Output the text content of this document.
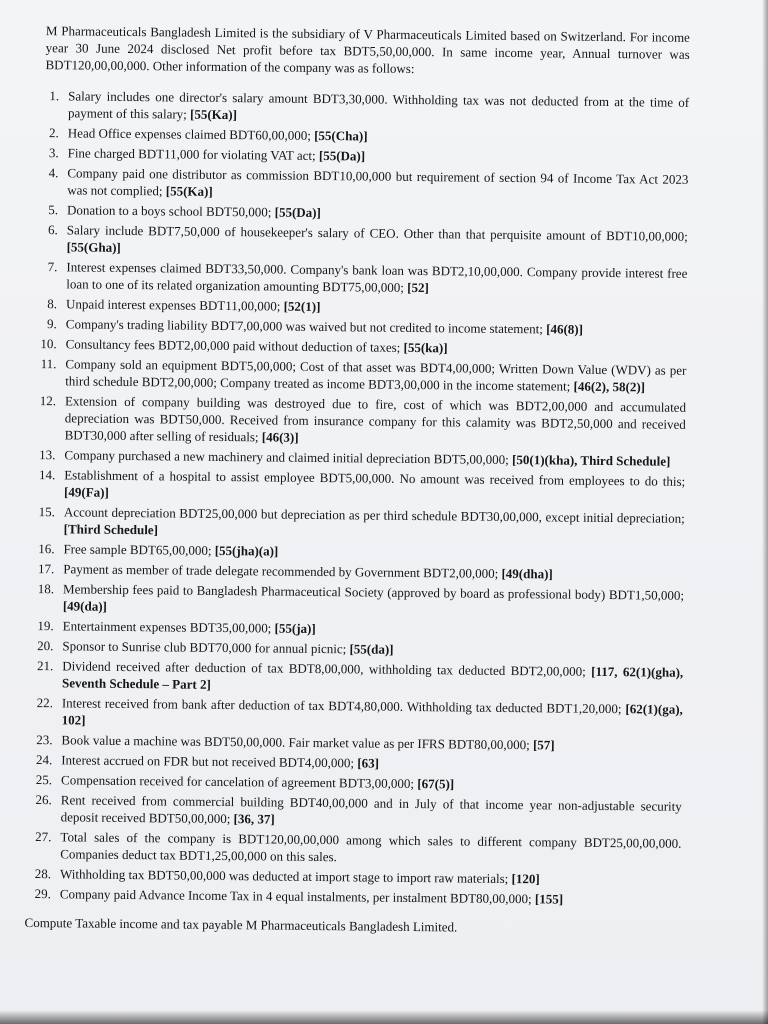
M Pharmaceuticals Bangladesh Limited is the subsidiary of V Pharmaceuticals Limited based on Switzerland. For income year 30 June 2024 disclosed Net profit before tax BDT5,50,00,000. In same income year, Annual turnover was BDT120,00,00,000. Other information of the company was as follows:

1. Salary includes one director's salary amount BDT3,30,000. Withholding tax was not deducted from at the time of payment of this salary; [55(Ka)]
2. Head Office expenses claimed BDT60,00,000; [55(Cha)]
3. Fine charged BDT11,000 for violating VAT act; [55(Da)]
4. Company paid one distributor as commission BDT10,00,000 but requirement of section 94 of Income Tax Act 2023 was not complied; [55(Ka)]
5. Donation to a boys school BDT50,000; [55(Da)]
6. Salary include BDT7,50,000 of housekeeper's salary of CEO. Other than that perquisite amount of BDT10,00,000; [55(Gha)]
7. Interest expenses claimed BDT33,50,000. Company's bank loan was BDT2,10,00,000. Company provide interest free loan to one of its related organization amounting BDT75,00,000; [52]
8. Unpaid interest expenses BDT11,00,000; [52(1)]
9. Company's trading liability BDT7,00,000 was waived but not credited to income statement; [46(8)]
10. Consultancy fees BDT2,00,000 paid without deduction of taxes; [55(ka)]
11. Company sold an equipment BDT5,00,000; Cost of that asset was BDT4,00,000; Written Down Value (WDV) as per third schedule BDT2,00,000; Company treated as income BDT3,00,000 in the income statement; [46(2), 58(2)]
12. Extension of company building was destroyed due to fire, cost of which was BDT2,00,000 and accumulated depreciation was BDT50,000. Received from insurance company for this calamity was BDT2,50,000 and received BDT30,000 after selling of residuals; [46(3)]
13. Company purchased a new machinery and claimed initial depreciation BDT5,00,000; [50(1)(kha), Third Schedule]
14. Establishment of a hospital to assist employee BDT5,00,000. No amount was received from employees to do this; [49(Fa)]
15. Account depreciation BDT25,00,000 but depreciation as per third schedule BDT30,00,000, except initial depreciation; [Third Schedule]
16. Free sample BDT65,00,000; [55(jha)(a)]
17. Payment as member of trade delegate recommended by Government BDT2,00,000; [49(dha)]
18. Membership fees paid to Bangladesh Pharmaceutical Society (approved by board as professional body) BDT1,50,000; [49(da)]
19. Entertainment expenses BDT35,00,000; [55(ja)]
20. Sponsor to Sunrise club BDT70,000 for annual picnic; [55(da)]
21. Dividend received after deduction of tax BDT8,00,000, withholding tax deducted BDT2,00,000; [117, 62(1)(gha), Seventh Schedule – Part 2]
22. Interest received from bank after deduction of tax BDT4,80,000. Withholding tax deducted BDT1,20,000; [62(1)(ga), 102]
23. Book value a machine was BDT50,00,000. Fair market value as per IFRS BDT80,00,000; [57]
24. Interest accrued on FDR but not received BDT4,00,000; [63]
25. Compensation received for cancelation of agreement BDT3,00,000; [67(5)]
26. Rent received from commercial building BDT40,00,000 and in July of that income year non-adjustable security deposit received BDT50,00,000; [36, 37]
27. Total sales of the company is BDT120,00,00,000 among which sales to different company BDT25,00,00,000. Companies deduct tax BDT1,25,00,000 on this sales.
28. Withholding tax BDT50,00,000 was deducted at import stage to import raw materials; [120]
29. Company paid Advance Income Tax in 4 equal instalments, per instalment BDT80,00,000; [155]

Compute Taxable income and tax payable M Pharmaceuticals Bangladesh Limited.
